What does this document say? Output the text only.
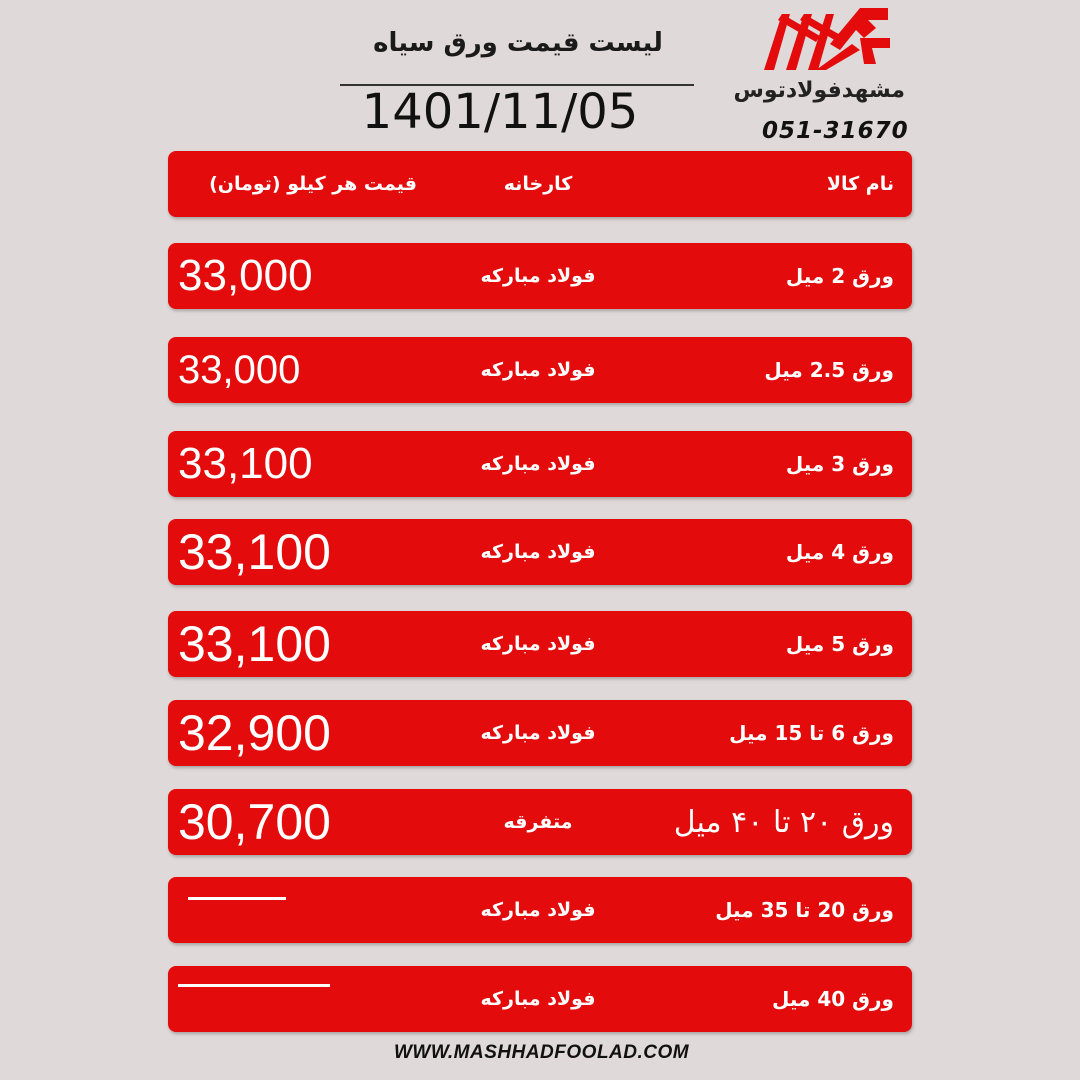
لیست قیمت ورق سیاه
1401/11/05	مشهدفولادتوس
051-31670
نام کالا
کارخانه
قیمت هر کیلو (تومان)
ورق 2 میل
فولاد مبارکه
33,000
ورق 2.5 میل
فولاد مبارکه
33,000
ورق 3 میل
فولاد مبارکه
33,100
ورق 4 میل
فولاد مبارکه
33,100
ورق 5 میل
فولاد مبارکه
33,100
ورق 6 تا 15 میل
فولاد مبارکه
32,900
ورق ۲۰ تا ۴۰ میل
متفرقه
30,700
ورق 20 تا 35 میل
فولاد مبارکه
ورق 40 میل
فولاد مبارکه
WWW.MASHHADFOOLAD.COM
